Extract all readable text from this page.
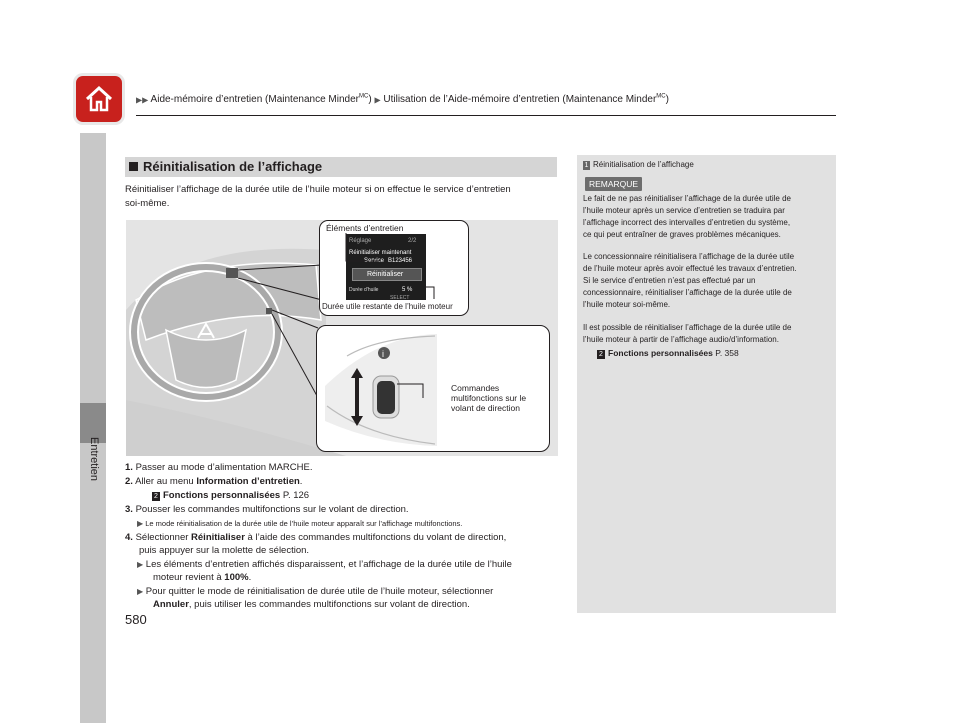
▶▶ Aide-mémoire d’entretien (Maintenance Minder$^{MC}$) ▶ Utilisation de l’Aide-mémoire d’entretien (Maintenance Minder$^{MC}$)
Entretien
580
Réinitialisation de l’affichage
Réinitialiser l’affichage de la durée utile de l’huile moteur si on effectue le service d’entretien
soi-même.
Réglage	2/2
Réinitialiser maintenant
Service B123456
Réinitialiser
Durée d’huile	5 %
SELECT
Éléments d’entretien
Durée utile restante de l’huile moteur
i
Commandes
multifonctions sur le
volant de direction
1. Passer au mode d’alimentation MARCHE.
2. Aller au menu Information d’entretien.
2 Fonctions personnalisées P. 126
3. Pousser les commandes multifonctions sur le volant de direction.
▶ Le mode réinitialisation de la durée utile de l’huile moteur apparaît sur l’affichage multifonctions.
4. Sélectionner Réinitialiser à l’aide des commandes multifonctions du volant de direction,
puis appuyer sur la molette de sélection.
▶ Les éléments d’entretien affichés disparaissent, et l’affichage de la durée utile de l’huile
moteur revient à 100%.
▶ Pour quitter le mode de réinitialisation de durée utile de l’huile moteur, sélectionner
Annuler, puis utiliser les commandes multifonctions sur volant de direction.
1 Réinitialisation de l’affichage
REMARQUE
Le fait de ne pas réinitialiser l’affichage de la durée utile de
l’huile moteur après un service d’entretien se traduira par
l’affichage incorrect des intervalles d’entretien du système,
ce qui peut entraîner de graves problèmes mécaniques.
Le concessionnaire réinitialisera l’affichage de la durée utile
de l’huile moteur après avoir effectué les travaux d’entretien.
Si le service d’entretien n’est pas effectué par un
concessionnaire, réinitialiser l’affichage de la durée utile de
l’huile moteur soi-même.
Il est possible de réinitialiser l’affichage de la durée utile de
l’huile moteur à partir de l’affichage audio/d’information.
2 Fonctions personnalisées P. 358
